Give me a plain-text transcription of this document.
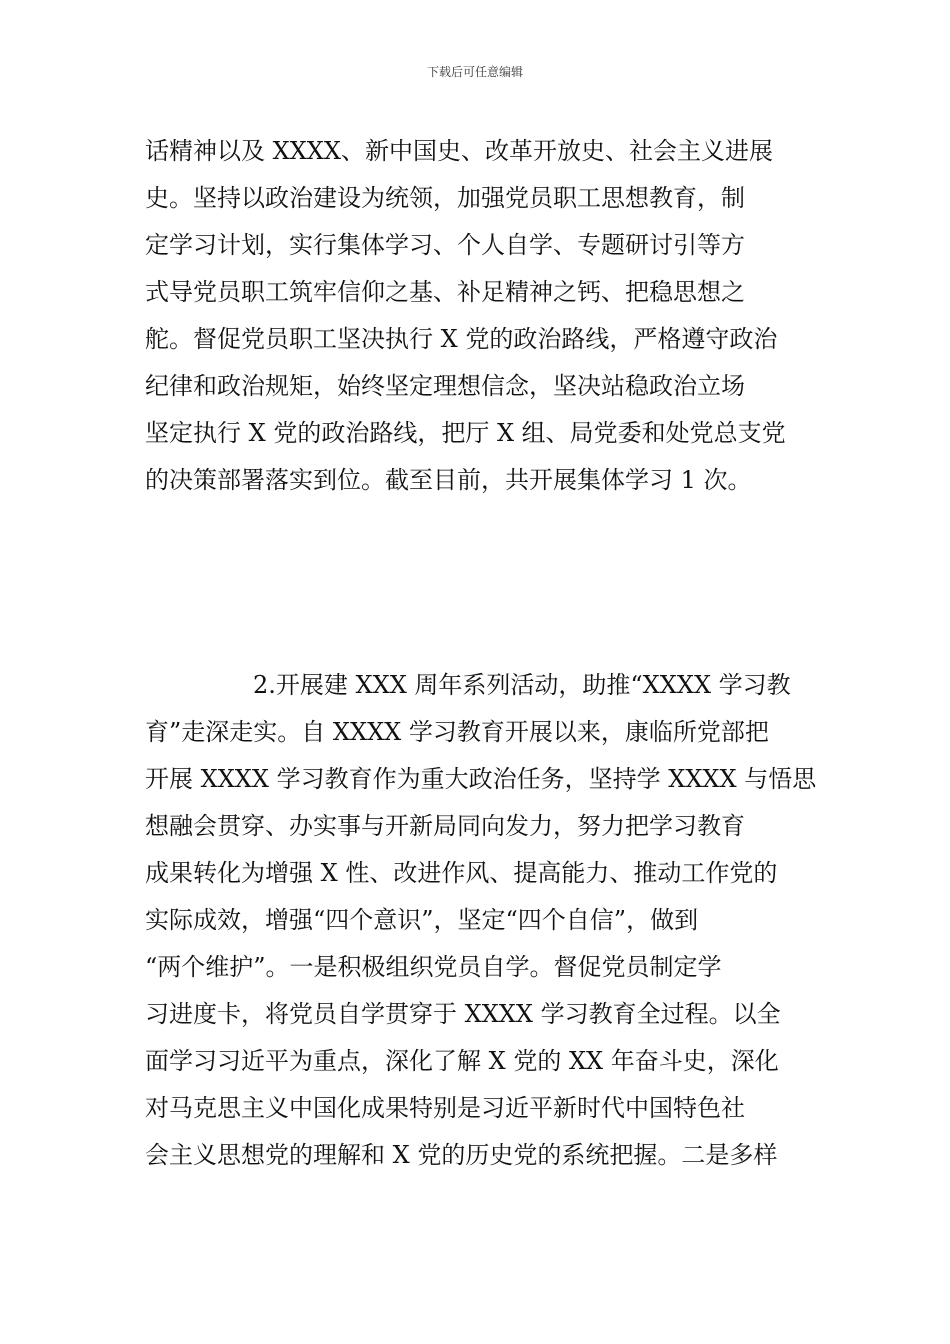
下载后可任意编辑
话精神以及 XXXX、新中国史、改革开放史、社会主义进展
史。坚持以政治建设为统领，加强党员职工思想教育，制
定学习计划，实行集体学习、个人自学、专题研讨引等方
式导党员职工筑牢信仰之基、补足精神之钙、把稳思想之
舵。督促党员职工坚决执行 X 党的政治路线，严格遵守政治
纪律和政治规矩，始终坚定理想信念，坚决站稳政治立场
坚定执行 X 党的政治路线，把厅 X 组、局党委和处党总支党
的决策部署落实到位。截至目前，共开展集体学习 1 次。
2.开展建 XXX 周年系列活动，助推“XXXX 学习教
育”走深走实。自 XXXX 学习教育开展以来，康临所党部把
开展 XXXX 学习教育作为重大政治任务，坚持学 XXXX 与悟思
想融会贯穿、办实事与开新局同向发力，努力把学习教育
成果转化为增强 X 性、改进作风、提高能力、推动工作党的
实际成效，增强“四个意识”，坚定“四个自信”，做到
“两个维护”。一是积极组织党员自学。督促党员制定学
习进度卡，将党员自学贯穿于 XXXX 学习教育全过程。以全
面学习习近平为重点，深化了解 X 党的 XX 年奋斗史，深化
对马克思主义中国化成果特别是习近平新时代中国特色社
会主义思想党的理解和 X 党的历史党的系统把握。二是多样
